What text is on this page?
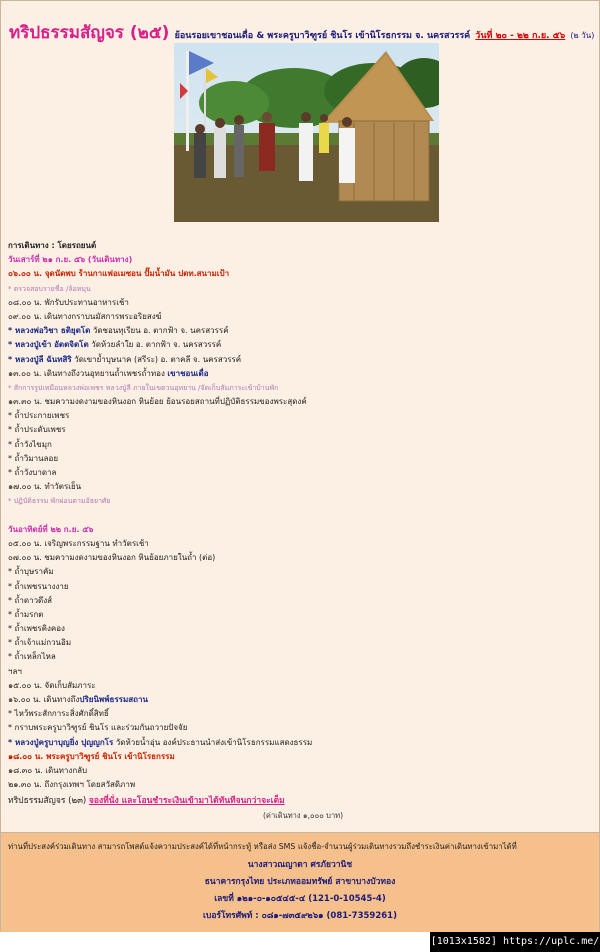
ทริปธรรมสัญจร (๒๕) ย้อนรอยเขาชอนเดื่อ & พระครูบาวิฑูรย์ ชินโร เข้านิโรธกรรม จ. นครสวรรค์ วันที่ ๒๐ - ๒๒ ก.ย. ๕๖ (๒ วัน)
การเดินทาง : โดยรถยนต์
วันเสาร์ที่ ๒๑ ก.ย. ๕๖ (วันเดินทาง)
๐๖.๐๐ น. จุดนัดพบ ร้านกาแฟอเมซอน ปั๊มน้ำมัน ปตท.สนามเป้า
* ตรวจสอบรายชื่อ /ล้อหมุน
๐๘.๐๐ น. พักรับประทานอาหารเช้า
๐๙.๐๐ น. เดินทางกราบนมัสการพระอริยสงฆ์
* หลวงพ่อวิชา ธติยุตโต วัดชอนทุเรียน อ. ตากฟ้า จ. นครสวรรค์
* หลวงปู่เข้า อัตตจิตโต วัดห้วยลำใย อ. ตากฟ้า จ. นครสวรรค์
* หลวงปู่ลี ฉันทสิริ วัดเขาย้ำบุษนาค (สรีระ) อ. ตาคลี จ. นครสวรรค์
๑๓.๐๐ น. เดินทางถึงวนอุทยานถ้ำเพชรถ้ำทอง เขาชอนเดื่อ
* สักการรูปเหมือนหลวงพ่อเพชร หลวงปู่ลี ภายในเขตวนอุทยาน /จัดเก็บสัมภาระเข้าบ้านพัก
๑๓.๓๐ น. ชมความงดงามของหินงอก หินย้อย ย้อนรอยสถานที่ปฏิบัติธรรมของพระสุดงค์
* ถ้ำประกายเพชร
* ถ้ำประดับเพชร
* ถ้ำวังไขมุก
* ถ้ำวิมานลอย
* ถ้ำวังบาดาล
๑๗.๐๐ น. ทำวัตรเย็น
* ปฏิบัติธรรม พักผ่อนตามอัธยาศัย
วันอาทิตย์ที่ ๒๒ ก.ย. ๕๖
๐๕.๐๐ น. เจริญพระกรรมฐาน ทำวัตรเช้า
๐๗.๐๐ น. ชมความงดงามของหินงอก หินย้อยภายในถ้ำ (ต่อ)
* ถ้ำบุษราคัม
* ถ้ำเพชรนางงาย
* ถ้ำดาวดึงส์
* ถ้ำมรกต
* ถ้ำเพชรคิงคอง
* ถ้ำเจ้าแม่กวนอิม
* ถ้ำเหล็กไหล
ฯลฯ
๑๕.๐๐ น. จัดเก็บสัมภาระ
๑๖.๐๐ น. เดินทางถึงปริยนิพพ์ธรรมสถาน
* ไหว้พระสักการะสิ่งศักดิ์สิทธิ์
* กราบพระครูบาวิฑูรย์ ชินโร และร่วมกันถวายปัจจัย
* หลวงปู่ครูบาบุญยิ่ง ปุญญกโร วัดห้วยน้ำอุ่น องค์ประธานนำส่งเข้านิโรธกรรมแสดงธรรม
๑๘.๐๐ น. พระครูบาวิฑูรย์ ชินโร เข้านิโรธกรรม
๑๘.๓๐ น. เดินทางกลับ
๒๑.๓๐ น. ถึงกรุงเทพฯ โดยสวัสดิภาพ
ทริปธรรมสัญจร (๒๓) จองที่นั่ง และโอนชำระเงินเข้ามาได้ทันทีจนกว่าจะเต็ม
(ค่าเดินทาง ๑,๐๐๐ บาท)
ท่านที่ประสงค์ร่วมเดินทาง สามารถโพสต์แจ้งความประสงค์ได้ที่หน้ากระทู้ หรือส่ง SMS แจ้งชื่อ-จำนวนผู้ร่วมเดินทางรวมถึงชำระเงินค่าเดินทางเข้ามาได้ที่
นางสาวณญาดา ศรภัยวานิช
ธนาคารกรุงไทย ประเภทออมทรัพย์ สาขาบางบัวทอง
เลขที่ ๑๒๑-๐-๑๐๕๔๕-๔ (121-0-10545-4)
เบอร์โทรศัพท์ : ๐๘๑-๗๓๕๙๒๖๑ (081-7359261)
[1013x1582] https://uplc.me/
